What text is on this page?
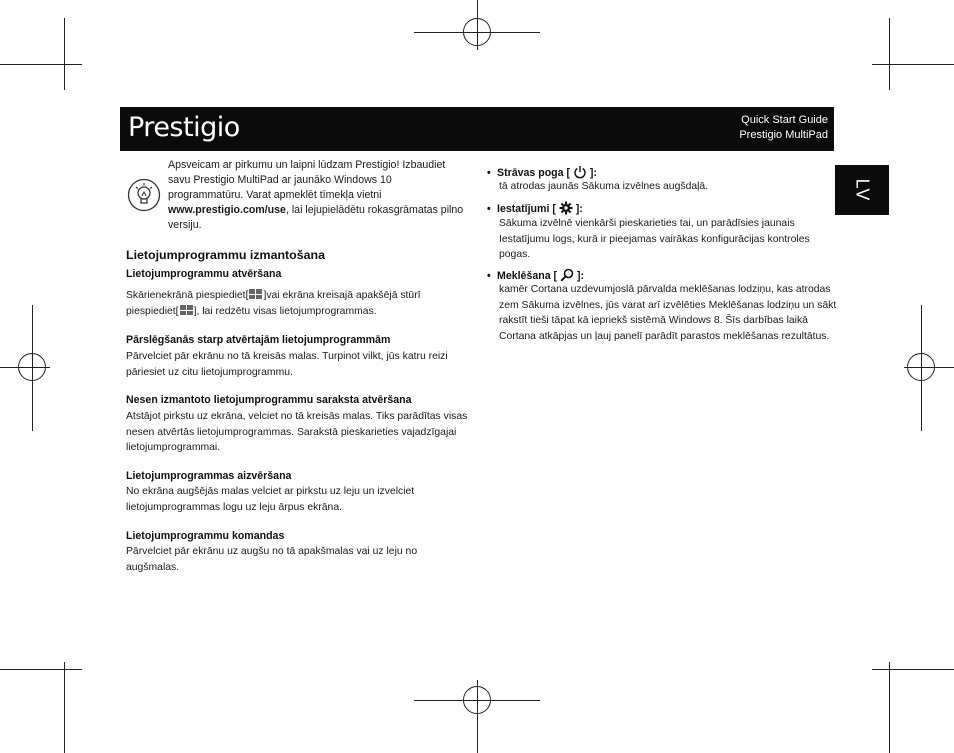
Prestigio	Quick Start Guide
Prestigio MultiPad
LV
Apsveicam ar pirkumu un laipni lūdzam Prestigio! Izbaudiet savu Prestigio MultiPad ar jaunāko Windows 10 programmatūru. Varat apmeklēt tīmekļa vietni www.prestigio.com/use, lai lejupielādētu rokasgrāmatas pilno versiju.
Lietojumprogrammu izmantošana
Lietojumprogrammu atvēršana
Skārienekrānā piespiediet[ ]vai ekrāna kreisajā apakšējā stūrī
piespiediet[ ], lai redzētu visas lietojumprogrammas.
Pārslēgšanās starp atvērtajām lietojumprogrammām
Pārvelciet pār ekrānu no tā kreisās malas. Turpinot vilkt, jūs katru reizi pāriesiet uz citu lietojumprogrammu.
Nesen izmantoto lietojumprogrammu saraksta atvēršana
Atstājot pirkstu uz ekrāna, velciet no tā kreisās malas. Tiks parādītas visas nesen atvērtās lietojumprogrammas. Sarakstā pieskarieties vajadzīgajai lietojumprogrammai.
Lietojumprogrammas aizvēršana
No ekrāna augšējās malas velciet ar pirkstu uz leju un izvelciet lietojumprogrammas logu uz leju ārpus ekrāna.
Lietojumprogrammu komandas
Pārvelciet pār ekrānu uz augšu no tā apakšmalas vai uz leju no augšmalas.
• Strāvas poga [ ]:
tā atrodas jaunās Sākuma izvēlnes augšdaļā.
• Iestatījumi [ ]:
Sākuma izvēlnē vienkārši pieskarieties tai, un parādīsies jaunais Iestatījumu logs, kurā ir pieejamas vairākas konfigurācijas kontroles pogas.
• Meklēšana [ ]:
kamēr Cortana uzdevumjoslā pārvalda meklēšanas lodziņu, kas atrodas zem Sākuma izvēlnes, jūs varat arī izvēlēties Meklēšanas lodziņu un sākt rakstīt tieši tāpat kā iepriekš sistēmā Windows 8. Šīs darbības laikā Cortana atkāpjas un ļauj panelī parādīt parastos meklēšanas rezultātus.
